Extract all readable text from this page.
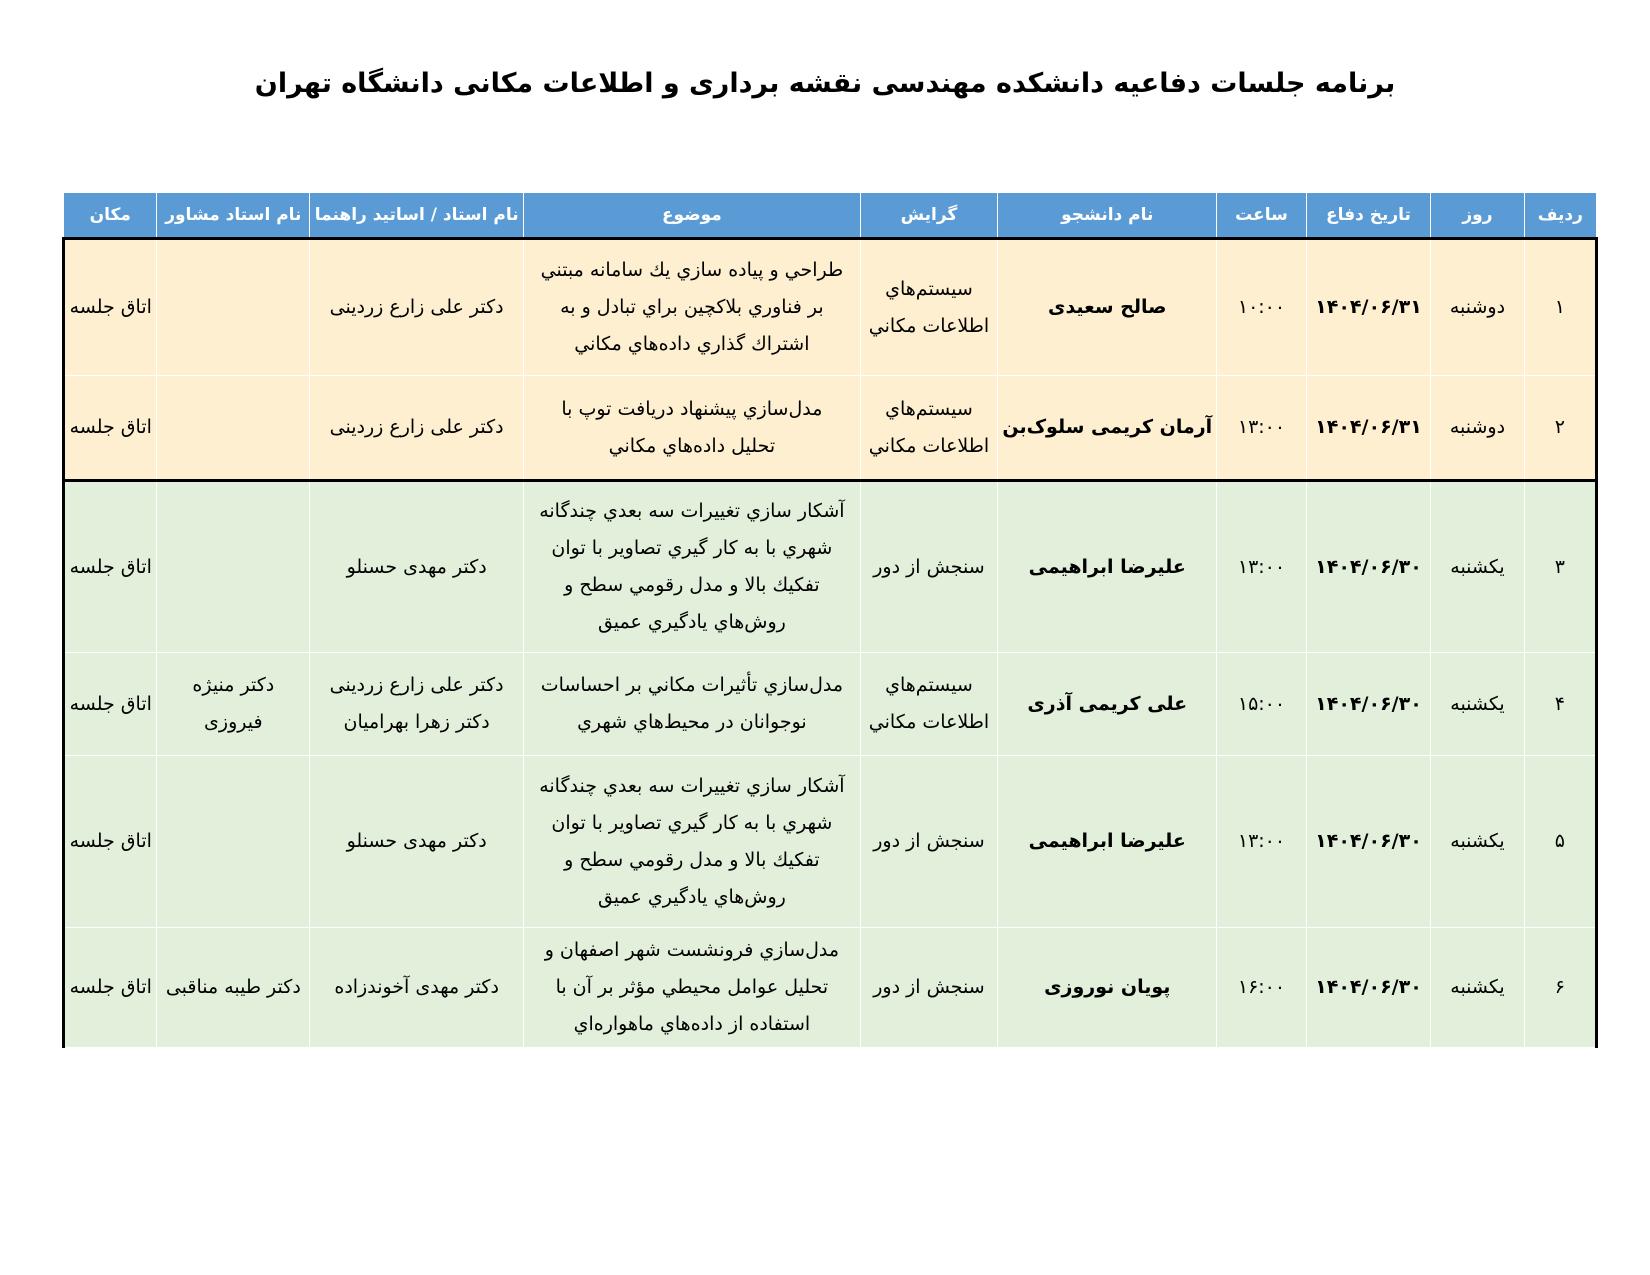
برنامه جلسات دفاعیه دانشکده مهندسی نقشه برداری و اطلاعات مکانی دانشگاه تهران
رديف	روز	تاريخ دفاع	ساعت	نام دانشجو	گرايش	موضوع	نام استاد / اساتيد راهنما	نام استاد مشاور	مکان
۱	دوشنبه	۱۴۰۴/۰۶/۳۱	۱۰:۰۰	صالح سعیدی	سیستم‌هاي
اطلاعات مكاني	طراحي و پياده سازي يك سامانه مبتني
بر فناوري بلاكچين براي تبادل و به
اشتراك گذاري داده‌هاي مكاني	دکتر علی زارع زردینی		اتاق جلسه
۲	دوشنبه	۱۴۰۴/۰۶/۳۱	۱۳:۰۰	آرمان کریمی سلوک‌بن	سیستم‌هاي
اطلاعات مكاني	مدل‌سازي پیشنهاد دریافت توپ با
تحلیل داده‌هاي مكاني	دکتر علی زارع زردینی		اتاق جلسه
۳	یکشنبه	۱۴۰۴/۰۶/۳۰	۱۳:۰۰	علیرضا ابراهیمی	سنجش از دور	آشكار سازي تغييرات سه بعدي چندگانه
شهري با به كار گيري تصاوير با توان
تفكيك بالا و مدل رقومي سطح و
روش‌هاي يادگيري عميق	دکتر مهدی حسنلو		اتاق جلسه
۴	یکشنبه	۱۴۰۴/۰۶/۳۰	۱۵:۰۰	علی کریمی آذری	سیستم‌هاي
اطلاعات مكاني	مدل‌سازي تأثيرات مكاني بر احساسات
نوجوانان در محيط‌هاي شهري	دکتر علی زارع زردینی
دکتر زهرا بهرامیان	دکتر منیژه
فیروزی	اتاق جلسه
۵	یکشنبه	۱۴۰۴/۰۶/۳۰	۱۳:۰۰	علیرضا ابراهیمی	سنجش از دور	آشكار سازي تغييرات سه بعدي چندگانه
شهري با به كار گيري تصاوير با توان
تفكيك بالا و مدل رقومي سطح و
روش‌هاي يادگيري عميق	دکتر مهدی حسنلو		اتاق جلسه
۶	یکشنبه	۱۴۰۴/۰۶/۳۰	۱۶:۰۰	پویان نوروزی	سنجش از دور	مدل‌سازي فرونشست شهر اصفهان و
تحليل عوامل محيطي مؤثر بر آن با
استفاده از داده‌هاي ماهواره‌اي	دکتر مهدی آخوندزاده	دکتر طیبه مناقبی	اتاق جلسه
